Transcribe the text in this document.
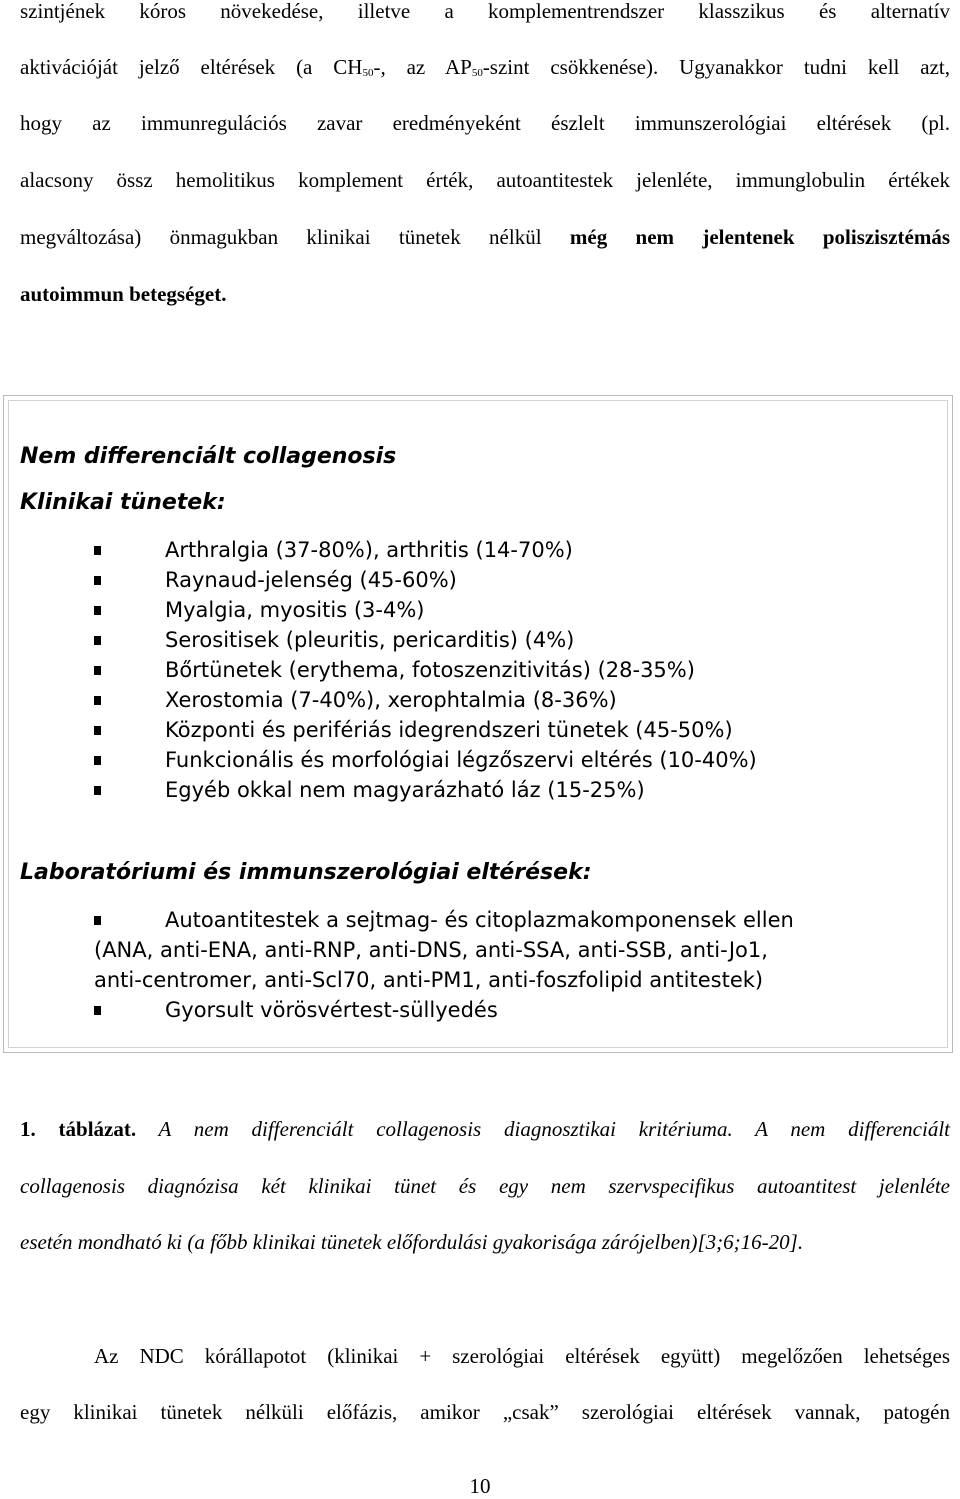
szintjének kóros növekedése, illetve a komplementrendszer klasszikus és alternatív
aktivációját jelző eltérések (a $CH_{50}-$, az $AP_{50}$-szint csökkenése). Ugyanakkor tudni kell azt,
hogy az immunregulációs zavar eredményeként észlelt immunszerológiai eltérések (pl.
alacsony össz hemolitikus komplement érték, autoantitestek jelenléte, immunglobulin értékek
megváltozása) önmagukban klinikai tünetek nélkül még nem jelentenek poliszisztémás
autoimmun betegséget.
Nem differenciált collagenosis
Klinikai tünetek:
Arthralgia (37-80%), arthritis (14-70%)
Raynaud-jelenség (45-60%)
Myalgia, myositis (3-4%)
Serositisek (pleuritis, pericarditis) (4%)
Bőrtünetek (erythema, fotoszenzitivitás) (28-35%)
Xerostomia (7-40%), xerophtalmia (8-36%)
Központi és perifériás idegrendszeri tünetek (45-50%)
Funkcionális és morfológiai légzőszervi eltérés (10-40%)
Egyéb okkal nem magyarázható láz (15-25%)
Laboratóriumi és immunszerológiai eltérések:
Autoantitestek a sejtmag- és citoplazmakomponensek ellen
(ANA, anti-ENA, anti-RNP, anti-DNS, anti-SSA, anti-SSB, anti-Jo1,
anti-centromer, anti-Scl70, anti-PM1, anti-foszfolipid antitestek)
Gyorsult vörösvértest-süllyedés
1. táblázat. A nem differenciált collagenosis diagnosztikai kritériuma. A nem differenciált
collagenosis diagnózisa két klinikai tünet és egy nem szervspecifikus autoantitest jelenléte
esetén mondható ki (a főbb klinikai tünetek előfordulási gyakorisága zárójelben)[3;6;16-20].
Az NDC kórállapotot (klinikai + szerológiai eltérések együtt) megelőzően lehetséges
egy klinikai tünetek nélküli előfázis, amikor „csak” szerológiai eltérések vannak, patogén
10
